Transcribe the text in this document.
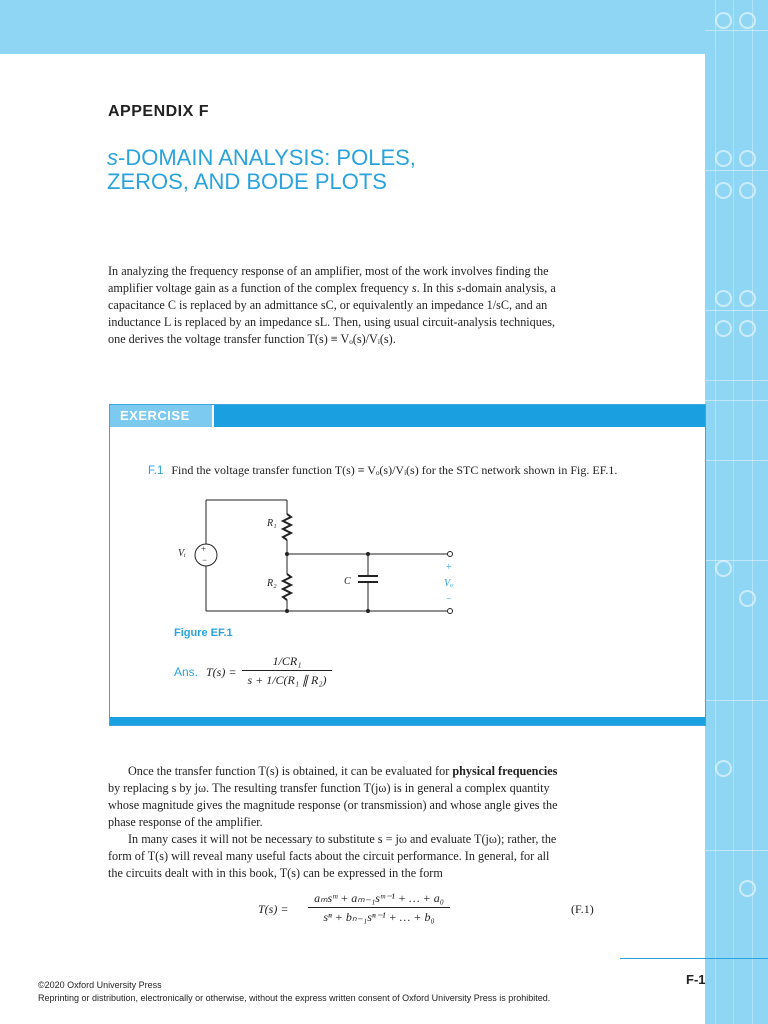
APPENDIX F
s-DOMAIN ANALYSIS: POLES,
ZEROS, AND BODE PLOTS
In analyzing the frequency response of an amplifier, most of the work involves finding the
amplifier voltage gain as a function of the complex frequency s. In this s-domain analysis, a
capacitance C is replaced by an admittance sC, or equivalently an impedance 1/sC, and an
inductance L is replaced by an impedance sL. Then, using usual circuit-analysis techniques,
one derives the voltage transfer function T(s) ≡ Vₒ(s)/Vᵢ(s).
EXERCISE
F.1 Find the voltage transfer function T(s) ≡ Vₒ(s)/Vᵢ(s) for the STC network shown in Fig. EF.1.
+
−
Vᵢ
R₁
R₂	C
+
Vₒ
−
Figure EF.1
Ans. T(s) =
1/CR₁
s + 1/C(R₁ ∥ R₂)
Once the transfer function T(s) is obtained, it can be evaluated for physical frequencies
by replacing s by jω. The resulting transfer function T(jω) is in general a complex quantity
whose magnitude gives the magnitude response (or transmission) and whose angle gives the
phase response of the amplifier.
In many cases it will not be necessary to substitute s = jω and evaluate T(jω); rather, the
form of T(s) will reveal many useful facts about the circuit performance. In general, for all
the circuits dealt with in this book, T(s) can be expressed in the form
T(s) =
aₘsᵐ + aₘ₋₁sᵐ⁻¹ + … + a₀
sⁿ + bₙ₋₁sⁿ⁻¹ + … + b₀
(F.1)
F-1
©2020 Oxford University Press
Reprinting or distribution, electronically or otherwise, without the express written consent of Oxford University Press is prohibited.
